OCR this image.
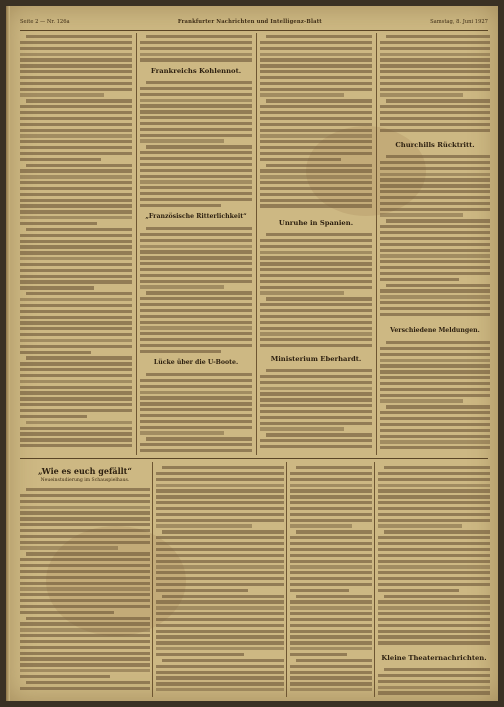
Seite 2 — Nr. 126a	Frankfurter Nachrichten und Intelligenz-Blatt	Samstag, 8. Juni 1927
Frankreichs Kohlennot.
„Französische Ritterlichkeit“
Lücke über die U-Boote.
Unruhe in Spanien.
Ministerium Eberhardt.
Churchills Rücktritt.
Verschiedene Meldungen.
„Wie es euch gefällt“
Neueinstudierung im Schauspielhaus.
Kleine Theaternachrichten.
